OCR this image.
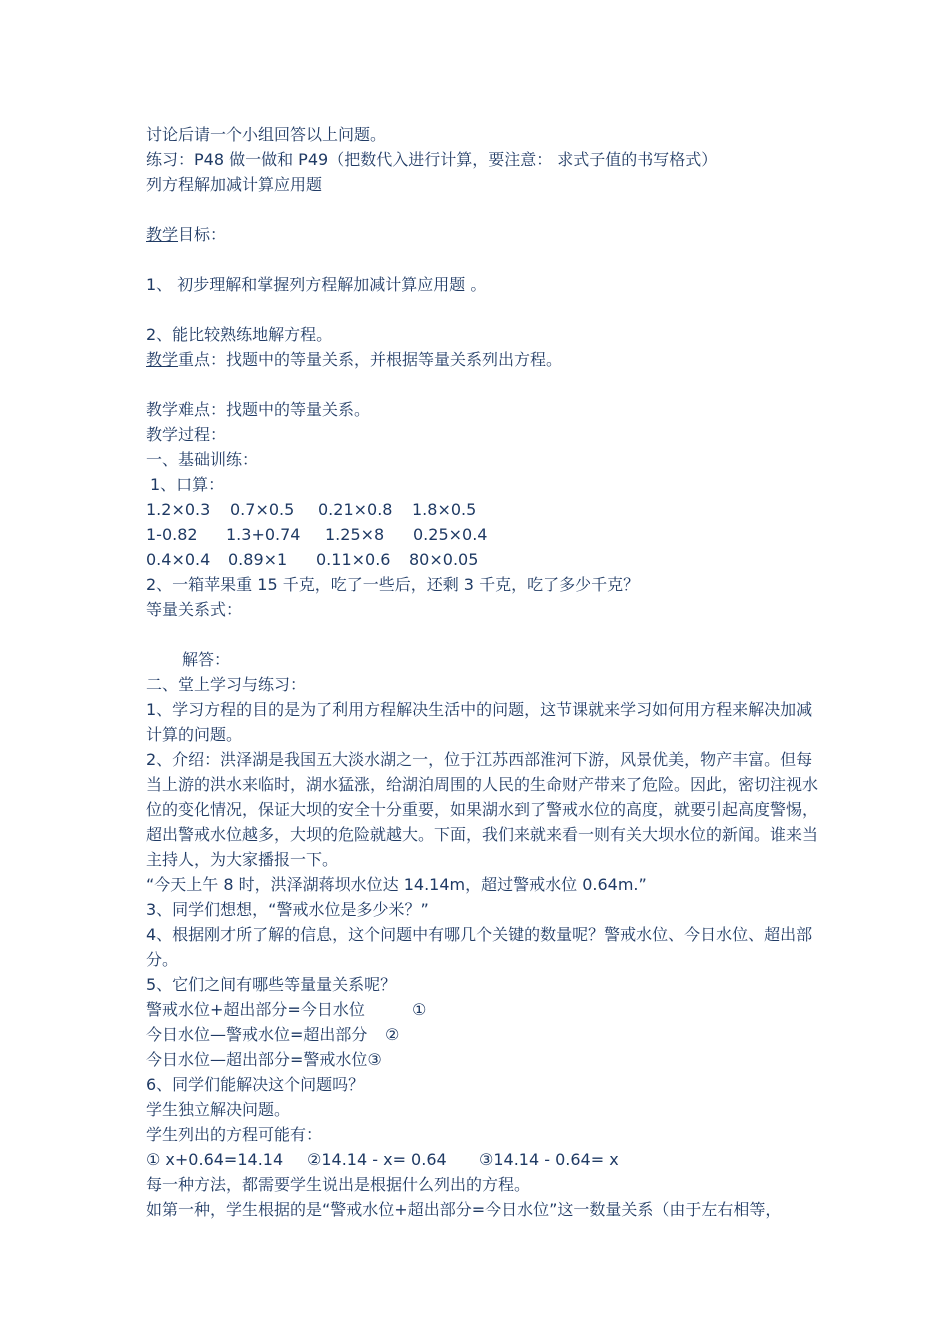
讨论后请一个小组回答以上问题。
练习：P48 做一做和 P49（把数代入进行计算，要注意： 求式子值的书写格式）
列方程解加减计算应用题
教学目标：
1、 初步理解和掌握列方程解加减计算应用题 。
2、能比较熟练地解方程。
教学重点：找题中的等量关系，并根据等量关系列出方程。
教学难点：找题中的等量关系。
教学过程：
一、基础训练：
1、口算：
1.2×0.3 0.7×0.5 0.21×0.8 1.8×0.5
1-0.82 1.3+0.74 1.25×8 0.25×0.4
0.4×0.4 0.89×1 0.11×0.6 80×0.05
2、一箱苹果重 15 千克，吃了一些后，还剩 3 千克，吃了多少千克？
等量关系式：
解答：
二、堂上学习与练习：
1、学习方程的目的是为了利用方程解决生活中的问题，这节课就来学习如何用方程来解决加减计算的问题。
2、介绍：洪泽湖是我国五大淡水湖之一，位于江苏西部淮河下游，风景优美，物产丰富。但每当上游的洪水来临时，湖水猛涨，给湖泊周围的人民的生命财产带来了危险。因此，密切注视水位的变化情况，保证大坝的安全十分重要，如果湖水到了警戒水位的高度，就要引起高度警惕，超出警戒水位越多，大坝的危险就越大。下面，我们来就来看一则有关大坝水位的新闻。谁来当主持人，为大家播报一下。
“今天上午 8 时，洪泽湖蒋坝水位达 14.14m，超过警戒水位 0.64m.”
3、同学们想想，“警戒水位是多少米？”
4、根据刚才所了解的信息，这个问题中有哪几个关键的数量呢？警戒水位、今日水位、超出部分。
5、它们之间有哪些等量量关系呢？
警戒水位+超出部分=今日水位	①
今日水位—警戒水位=超出部分 ②
今日水位—超出部分=警戒水位③
6、同学们能解决这个问题吗？
学生独立解决问题。
学生列出的方程可能有：
① x+0.64=14.14 ②14.14 - x= 0.64 ③14.14 - 0.64= x
每一种方法，都需要学生说出是根据什么列出的方程。
如第一种，学生根据的是“警戒水位+超出部分=今日水位”这一数量关系（由于左右相等，
